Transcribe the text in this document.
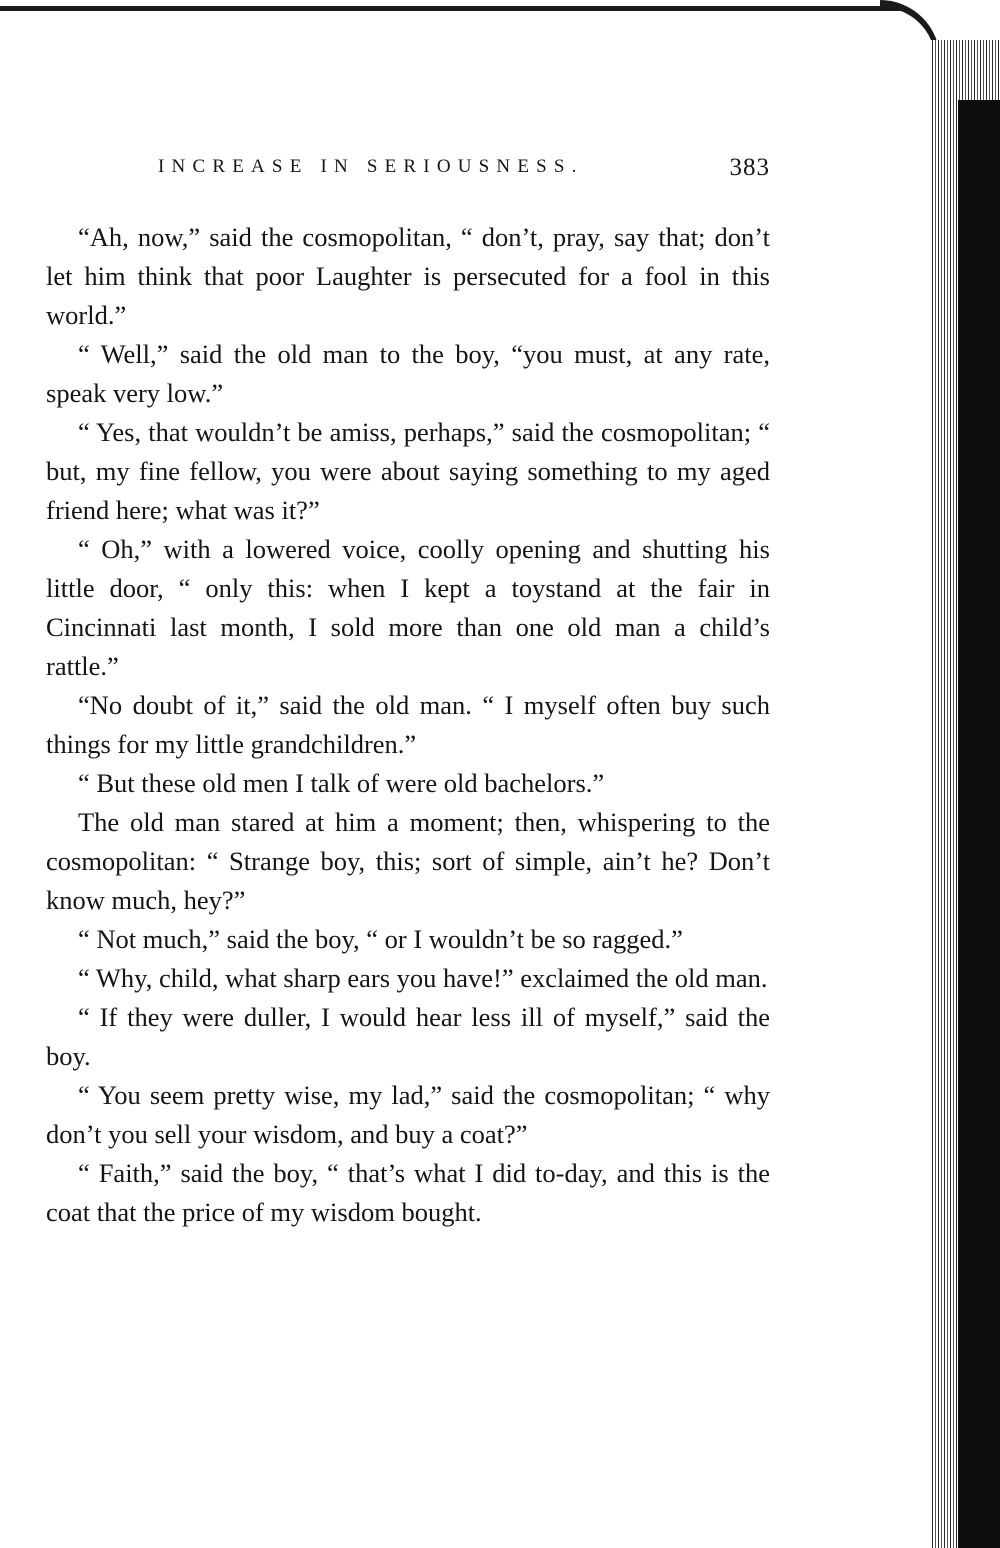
INCREASE IN SERIOUSNESS.	383

“Ah, now,” said the cosmopolitan, “ don’t, pray, say that; don’t let him think that poor Laughter is persecuted for a fool in this world.”

“ Well,” said the old man to the boy, “you must, at any rate, speak very low.”

“ Yes, that wouldn’t be amiss, perhaps,” said the cosmopolitan; “ but, my fine fellow, you were about saying something to my aged friend here; what was it?”

“ Oh,” with a lowered voice, coolly opening and shutting his little door, “ only this: when I kept a toystand at the fair in Cincinnati last month, I sold more than one old man a child’s rattle.”

“No doubt of it,” said the old man. “ I myself often buy such things for my little grandchildren.”

“ But these old men I talk of were old bachelors.”

The old man stared at him a moment; then, whispering to the cosmopolitan: “ Strange boy, this; sort of simple, ain’t he? Don’t know much, hey?”

“ Not much,” said the boy, “ or I wouldn’t be so ragged.”

“ Why, child, what sharp ears you have!” exclaimed the old man.

“ If they were duller, I would hear less ill of myself,” said the boy.

“ You seem pretty wise, my lad,” said the cosmopolitan; “ why don’t you sell your wisdom, and buy a coat?”

“ Faith,” said the boy, “ that’s what I did to-day, and this is the coat that the price of my wisdom bought.
